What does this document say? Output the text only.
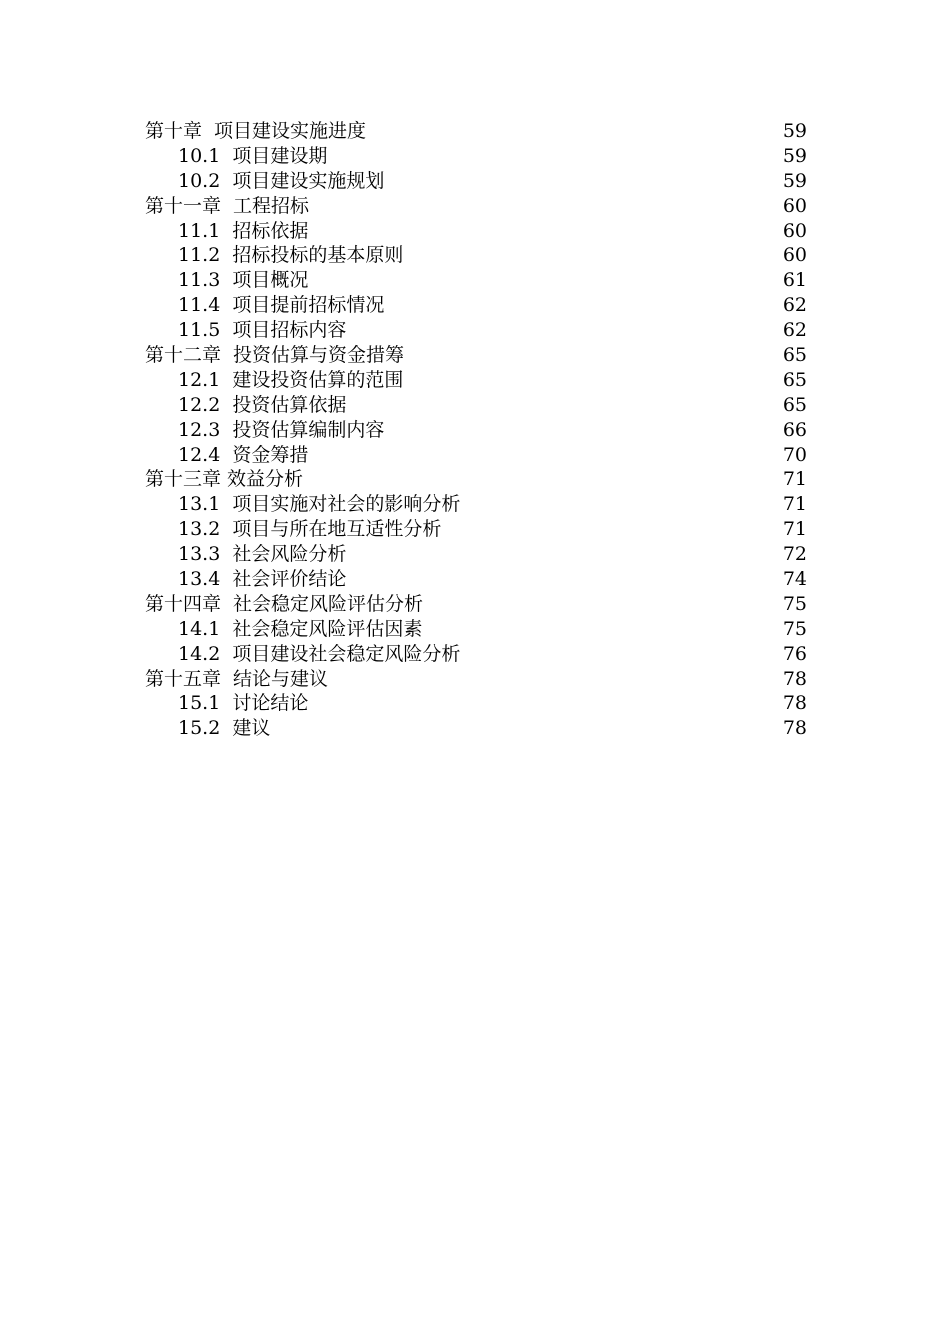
第十章 项目建设实施进度	59
10.1 项目建设期	59
10.2 项目建设实施规划	59
第十一章 工程招标	60
11.1 招标依据	60
11.2 招标投标的基本原则	60
11.3 项目概况	61
11.4 项目提前招标情况	62
11.5 项目招标内容	62
第十二章 投资估算与资金措筹	65
12.1 建设投资估算的范围	65
12.2 投资估算依据	65
12.3 投资估算编制内容	66
12.4 资金筹措	70
第十三章 效益分析	71
13.1 项目实施对社会的影响分析	71
13.2 项目与所在地互适性分析	71
13.3 社会风险分析	72
13.4 社会评价结论	74
第十四章 社会稳定风险评估分析	75
14.1 社会稳定风险评估因素	75
14.2 项目建设社会稳定风险分析	76
第十五章 结论与建议	78
15.1 讨论结论	78
15.2 建议	78
